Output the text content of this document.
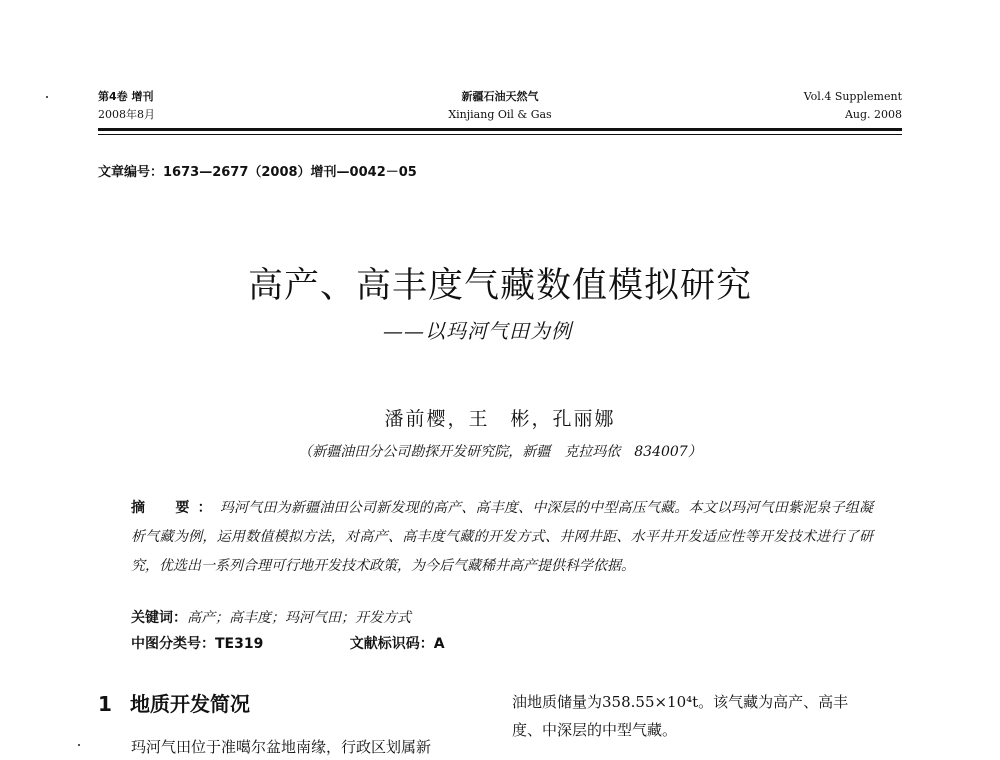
第4卷 增刊
2008年8月
新疆石油天然气
Xinjiang Oil & Gas
Vol.4 Supplement
Aug. 2008
文章编号：1673—2677（2008）增刊—0042－05
高产、高丰度气藏数值模拟研究
——以玛河气田为例
潘前樱，王　彬，孔丽娜
（新疆油田分公司勘探开发研究院，新疆　克拉玛依　834007）
摘　要：玛河气田为新疆油田公司新发现的高产、高丰度、中深层的中型高压气藏。本文以玛河气田紫泥泉子组凝析气藏为例，运用数值模拟方法，对高产、高丰度气藏的开发方式、井网井距、水平井开发适应性等开发技术进行了研究，优选出一系列合理可行地开发技术政策，为今后气藏稀井高产提供科学依据。
关键词：高产；高丰度；玛河气田；开发方式
中图分类号：TE319	文献标识码：A
1 地质开发简况
玛河气田位于准噶尔盆地南缘，行政区划属新
油地质储量为358.55×10⁴t。该气藏为高产、高丰
度、中深层的中型气藏。
